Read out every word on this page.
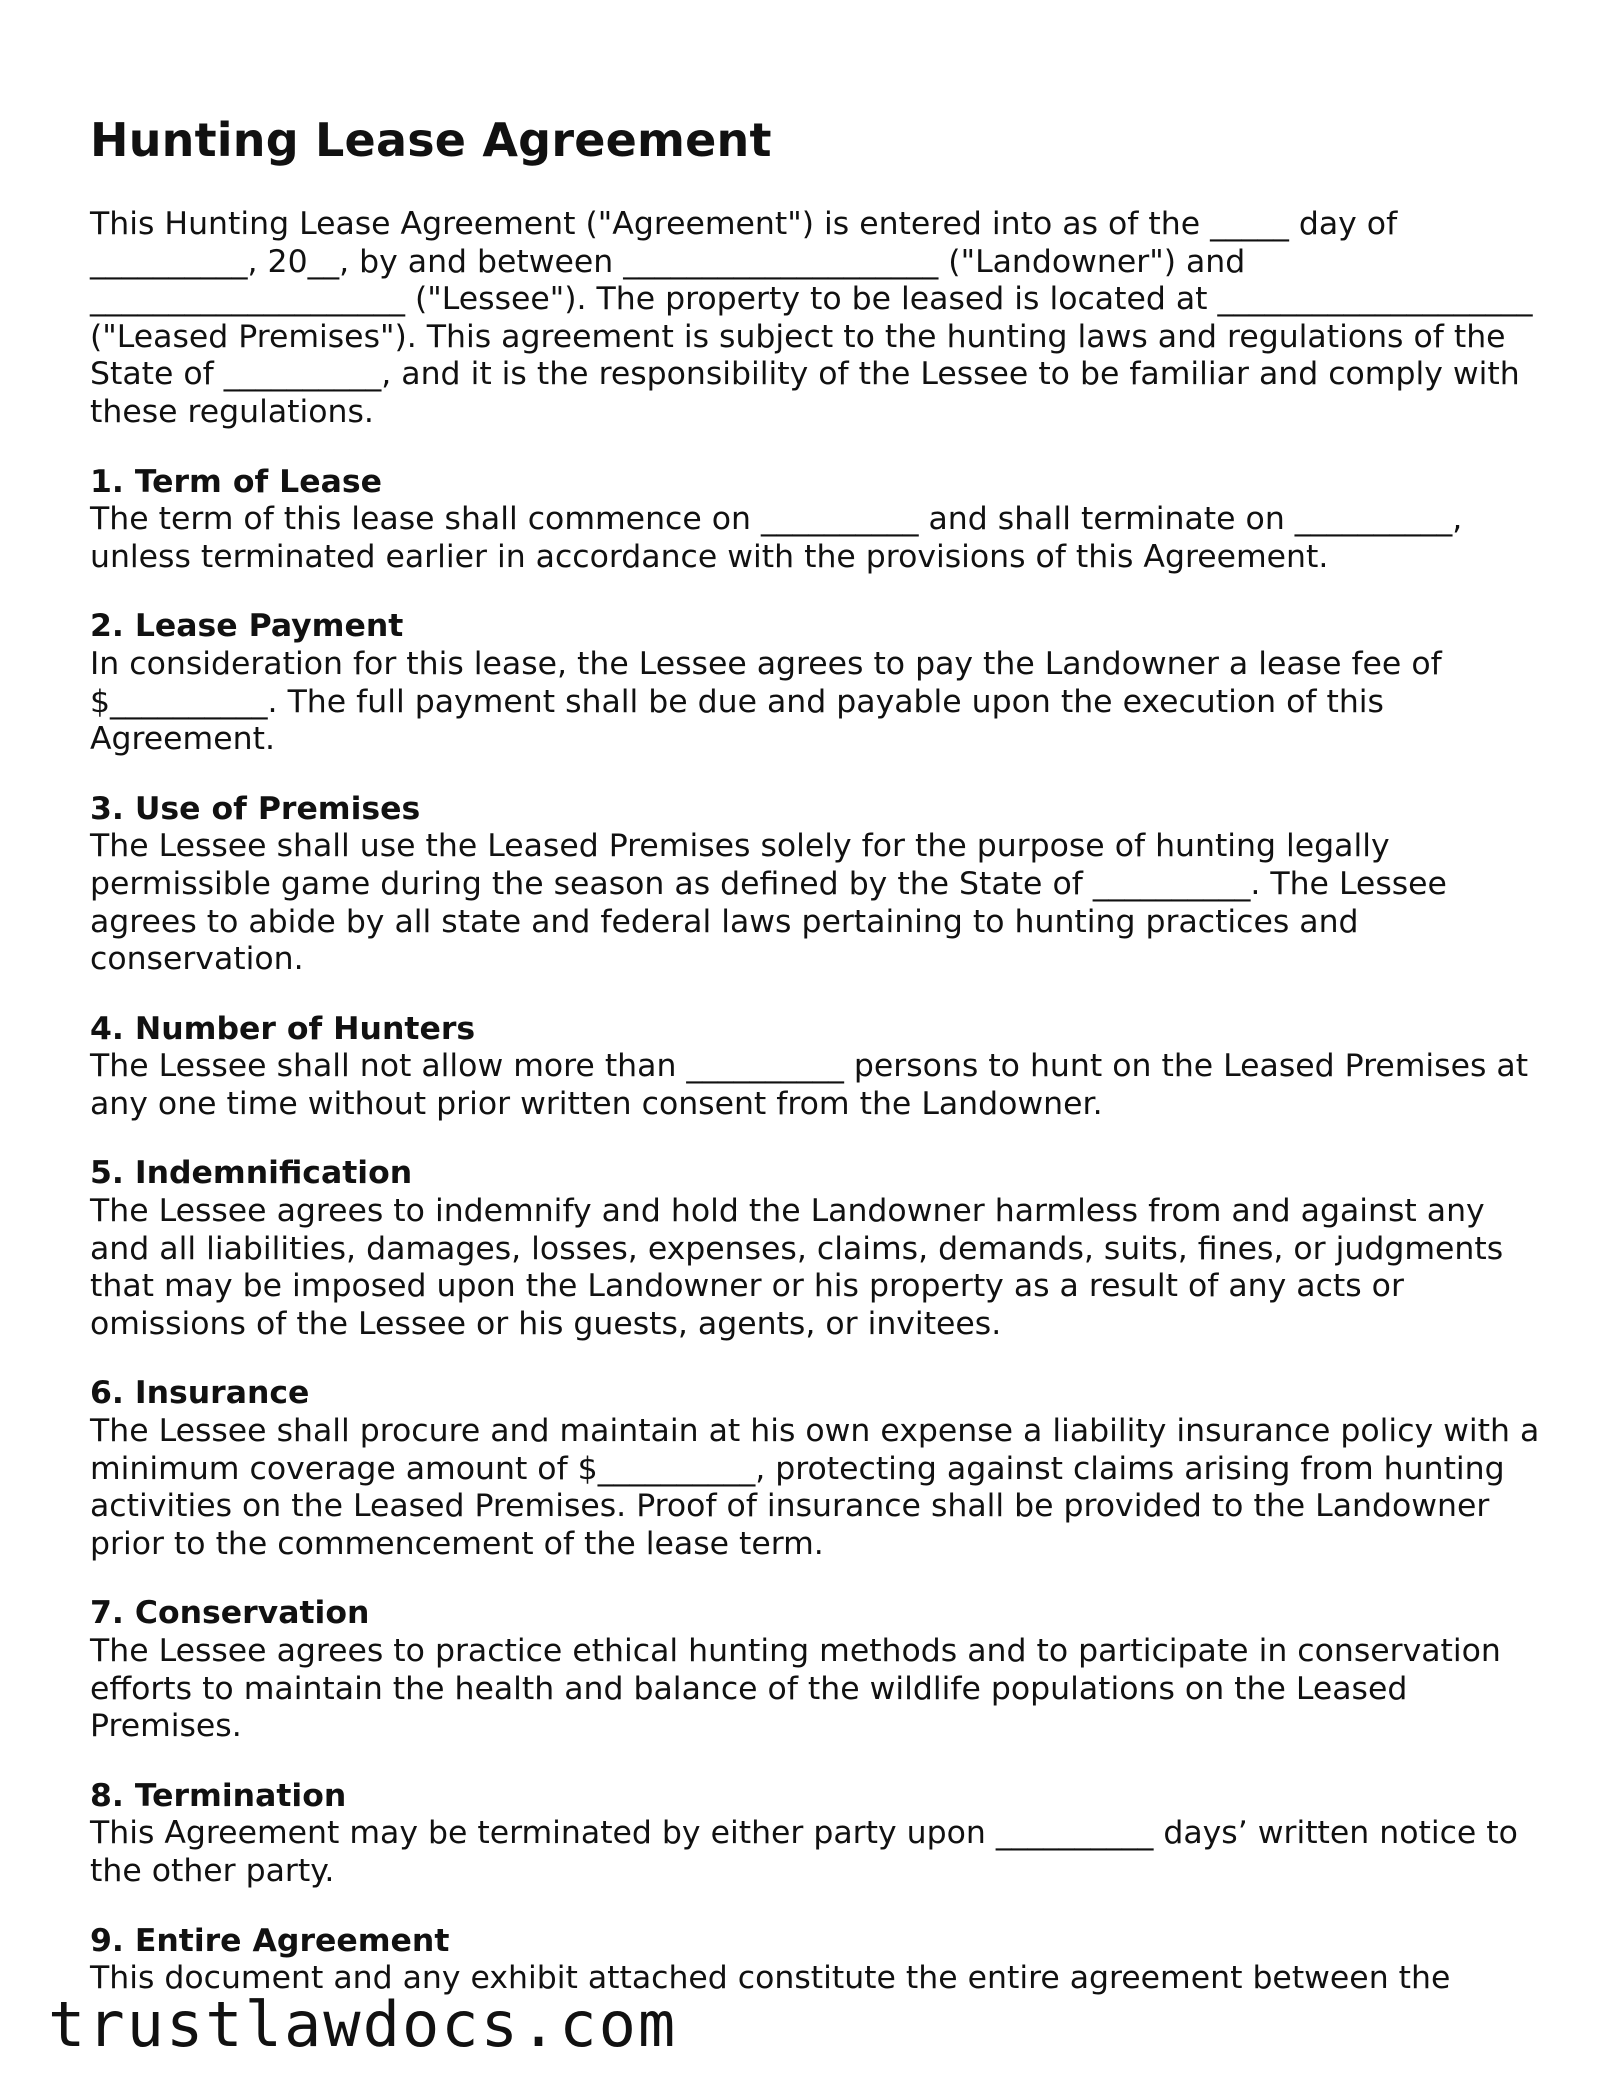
Hunting Lease Agreement

This Hunting Lease Agreement ("Agreement") is entered into as of the _____ day of __________, 20__, by and between ____________________ ("Landowner") and ____________________ ("Lessee"). The property to be leased is located at ____________________ ("Leased Premises"). This agreement is subject to the hunting laws and regulations of the State of __________, and it is the responsibility of the Lessee to be familiar and comply with these regulations.

1. Term of Lease

The term of this lease shall commence on __________ and shall terminate on __________, unless terminated earlier in accordance with the provisions of this Agreement.

2. Lease Payment

In consideration for this lease, the Lessee agrees to pay the Landowner a lease fee of $__________. The full payment shall be due and payable upon the execution of this Agreement.

3. Use of Premises

The Lessee shall use the Leased Premises solely for the purpose of hunting legally permissible game during the season as defined by the State of __________. The Lessee agrees to abide by all state and federal laws pertaining to hunting practices and conservation.

4. Number of Hunters

The Lessee shall not allow more than __________ persons to hunt on the Leased Premises at any one time without prior written consent from the Landowner.

5. Indemnification

The Lessee agrees to indemnify and hold the Landowner harmless from and against any and all liabilities, damages, losses, expenses, claims, demands, suits, fines, or judgments that may be imposed upon the Landowner or his property as a result of any acts or omissions of the Lessee or his guests, agents, or invitees.

6. Insurance

The Lessee shall procure and maintain at his own expense a liability insurance policy with a minimum coverage amount of $__________, protecting against claims arising from hunting activities on the Leased Premises. Proof of insurance shall be provided to the Landowner prior to the commencement of the lease term.

7. Conservation

The Lessee agrees to practice ethical hunting methods and to participate in conservation efforts to maintain the health and balance of the wildlife populations on the Leased Premises.

8. Termination

This Agreement may be terminated by either party upon __________ days’ written notice to the other party.

9. Entire Agreement

This document and any exhibit attached constitute the entire agreement between the

trustlawdocs.com
